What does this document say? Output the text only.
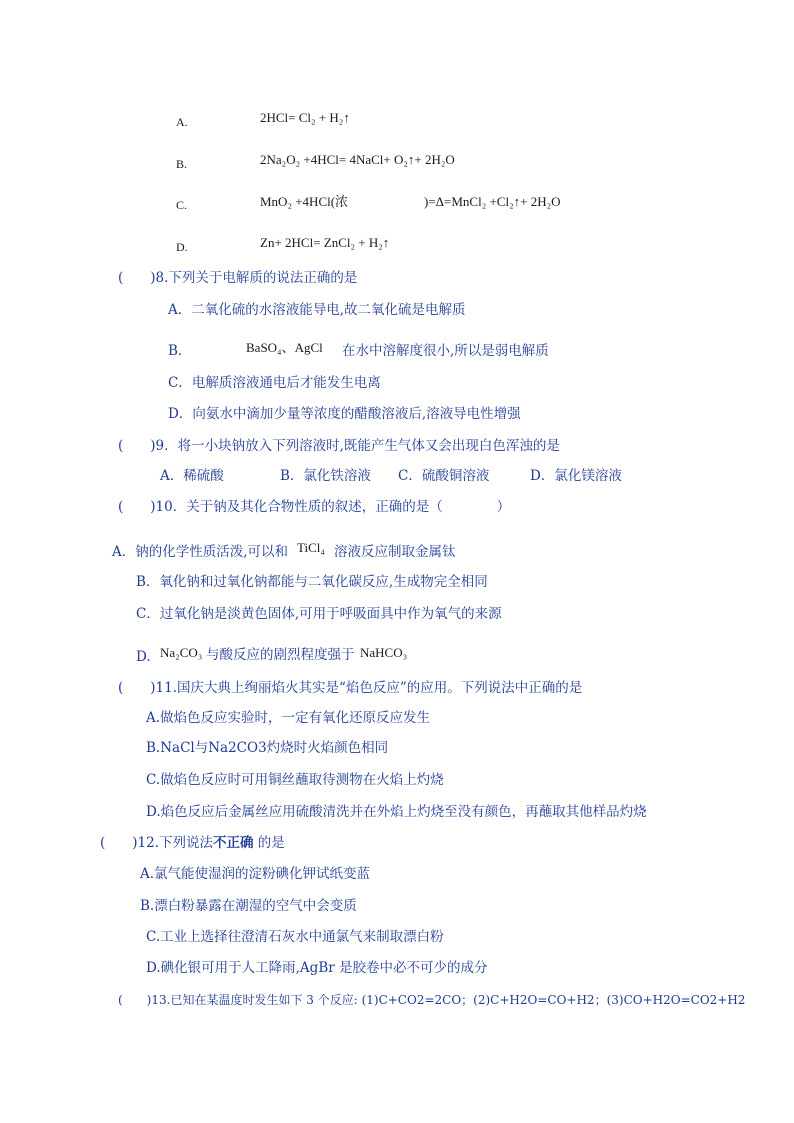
A.	2HCl= Cl₂ + H₂↑
B.	2Na₂O₂ +4HCl= 4NaCl+ O₂↑+ 2H₂O
C.	MnO₂ +4HCl(浓	)=Δ=MnCl₂ +Cl₂↑+ 2H₂O
D.	Zn+ 2HCl= ZnCl₂ + H₂↑
(　　)8.下列关于电解质的说法正确的是
A．二氧化硫的水溶液能导电,故二氧化硫是电解质
B.	BaSO₄、AgCl 在水中溶解度很小,所以是弱电解质
C．电解质溶液通电后才能发生电离
D．向氨水中滴加少量等浓度的醋酸溶液后,溶液导电性增强
(　　)9．将一小块钠放入下列溶液时,既能产生气体又会出现白色浑浊的是
A．稀硫酸	B．氯化铁溶液 C．硫酸铜溶液	D．氯化镁溶液
(　　)10．关于钠及其化合物性质的叙述，正确的是（　　　　）
A．钠的化学性质活泼,可以和 TiCl₄ 溶液反应制取金属钛
B．氧化钠和过氧化钠都能与二氧化碳反应,生成物完全相同
C．过氧化钠是淡黄色固体,可用于呼吸面具中作为氧气的来源
D. Na₂CO₃ 与酸反应的剧烈程度强于 NaHCO₃
(　　)11.国庆大典上绚丽焰火其实是“焰色反应”的应用。下列说法中正确的是
A.做焰色反应实验时，一定有氧化还原反应发生
B.NaCl与Na2CO3灼烧时火焰颜色相同
C.做焰色反应时可用铜丝蘸取待测物在火焰上灼烧
D.焰色反应后金属丝应用硫酸清洗并在外焰上灼烧至没有颜色，再蘸取其他样品灼烧
(　　)12.下列说法不正确 的是
A.氯气能使湿润的淀粉碘化钾试纸变蓝
B.漂白粉暴露在潮湿的空气中会变质
C.工业上选择往澄清石灰水中通氯气来制取漂白粉
D.碘化银可用于人工降雨,AgBr 是胶卷中必不可少的成分
(　　)13.已知在某温度时发生如下 3 个反应: (1)C+CO2=2CO；(2)C+H2O=CO+H2；(3)CO+H2O=CO2+H2
